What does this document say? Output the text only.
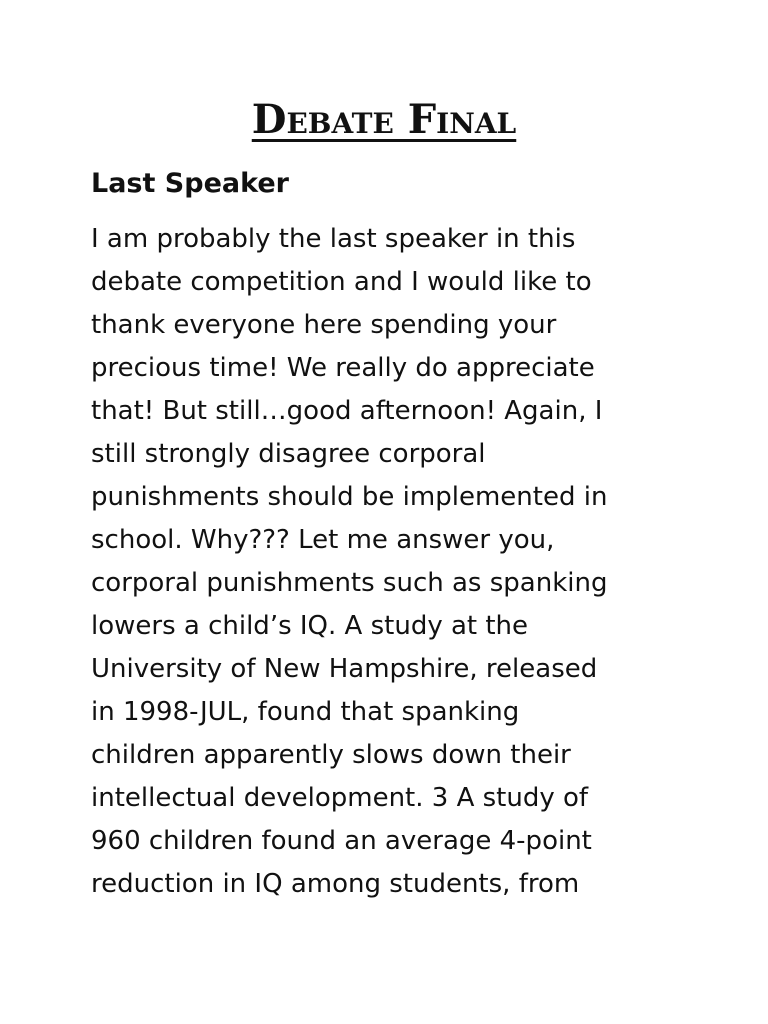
Debate Final
Last Speaker

I am probably the last speaker in this
debate competition and I would like to
thank everyone here spending your
precious time! We really do appreciate
that! But still…good afternoon! Again, I
still strongly disagree corporal
punishments should be implemented in
school. Why??? Let me answer you,
corporal punishments such as spanking
lowers a child’s IQ. A study at the
University of New Hampshire, released
in 1998-JUL, found that spanking
children apparently slows down their
intellectual development. 3 A study of
960 children found an average 4-point
reduction in IQ among students, from
